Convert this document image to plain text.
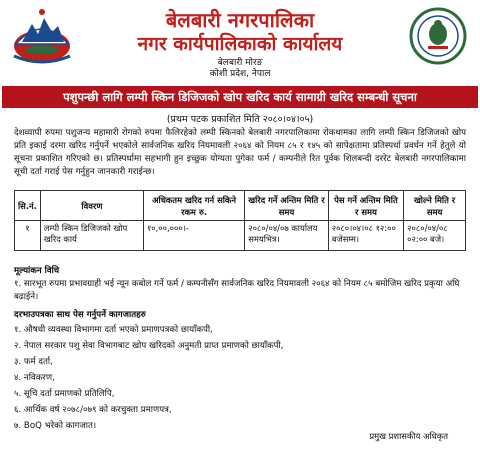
बेलबारी नगरपालिका
नगर कार्यपालिकाको कार्यालय
बेलबारी मोरङ
कोशी प्रदेश, नेपाल
पशुपन्छी लागि लम्पी स्किन डिजिजको खोप खरिद कार्य सामाग्री खरिद सम्बन्धी सूचना
(प्रथम पटक प्रकाशित मिति २०८०।०४।०५)

देशव्यापी रुपमा पशुजन्य महामारी रोगको रुपमा फैलिरहेको लम्पी स्किनको बेलबारी नगरपालिकामा रोकथामका लागि लम्पी स्किन डिजिजको खोप प्रति इकाई दरमा खरिद गर्नुपर्ने भएकोले सार्वजनिक खरिद नियमावली २०६४ को नियम ८५ र १४५ को सापेक्षतामा प्रतिस्पर्धा प्रवर्धन गर्ने हेतुले यो सूचना प्रकाशित गरिएको छ। प्रतिस्पर्धामा सहभागी हुन इच्छुक योग्यता पुगेका फर्म / कम्पनीले रित पूर्वक शिलबन्दी दररेट बेलबारी नगरपालिकामा सूची दर्ता गराई पेस गर्नुहुन जानकारी गराईन्छ।

सि.नं.	विवरण	अधिकतम खरिद गर्न सकिने रकम रु.	खरिद गर्ने अन्तिम मिति र समय	पेस गर्ने अन्तिम मिति र समय	खोल्ने मिति र समय
१	लम्पी स्किन डिजिजको खोप खरिद कार्य	१०,००,०००।-	२०८०/०४/०७ कार्यालय समयभित्र।	२०८०।०४।०८ १२:०० बजेसम्म।	२०८०/०४/०८ ०२:०० बजे।
मूल्यांकन विधि

१. सारभूत रुपमा प्रभावग्राही भई न्यून कबोल गर्ने फर्म / कम्पनीसँग सार्वजनिक खरिद नियमावली २०६४ को नियम ८५ बमोजिम खरिद प्रकृया अघि बढाईने।

दरभाउपत्रका साथ पेस गर्नुपर्ने कागजातहरु
१. औषधी व्यवस्था विभागमा दर्ता भएको प्रमाणपत्रको छायाँकपी,
२. नेपाल सरकार पशु सेवा विभागबाट खोप खरिदको अनुमती प्राप्त प्रमाणको छायाँकपी,
३. फर्म दर्ता,
४. नविकरण,
५. सूचि दर्ता प्रमाणको प्रतिलिपि,
६. आर्थिक वर्ष २०७८/०७९ को करचुक्ता प्रमाणपत्र,
७. BoQ भरेको कागजात।
प्रमुख प्रशासकीय अधिकृत
